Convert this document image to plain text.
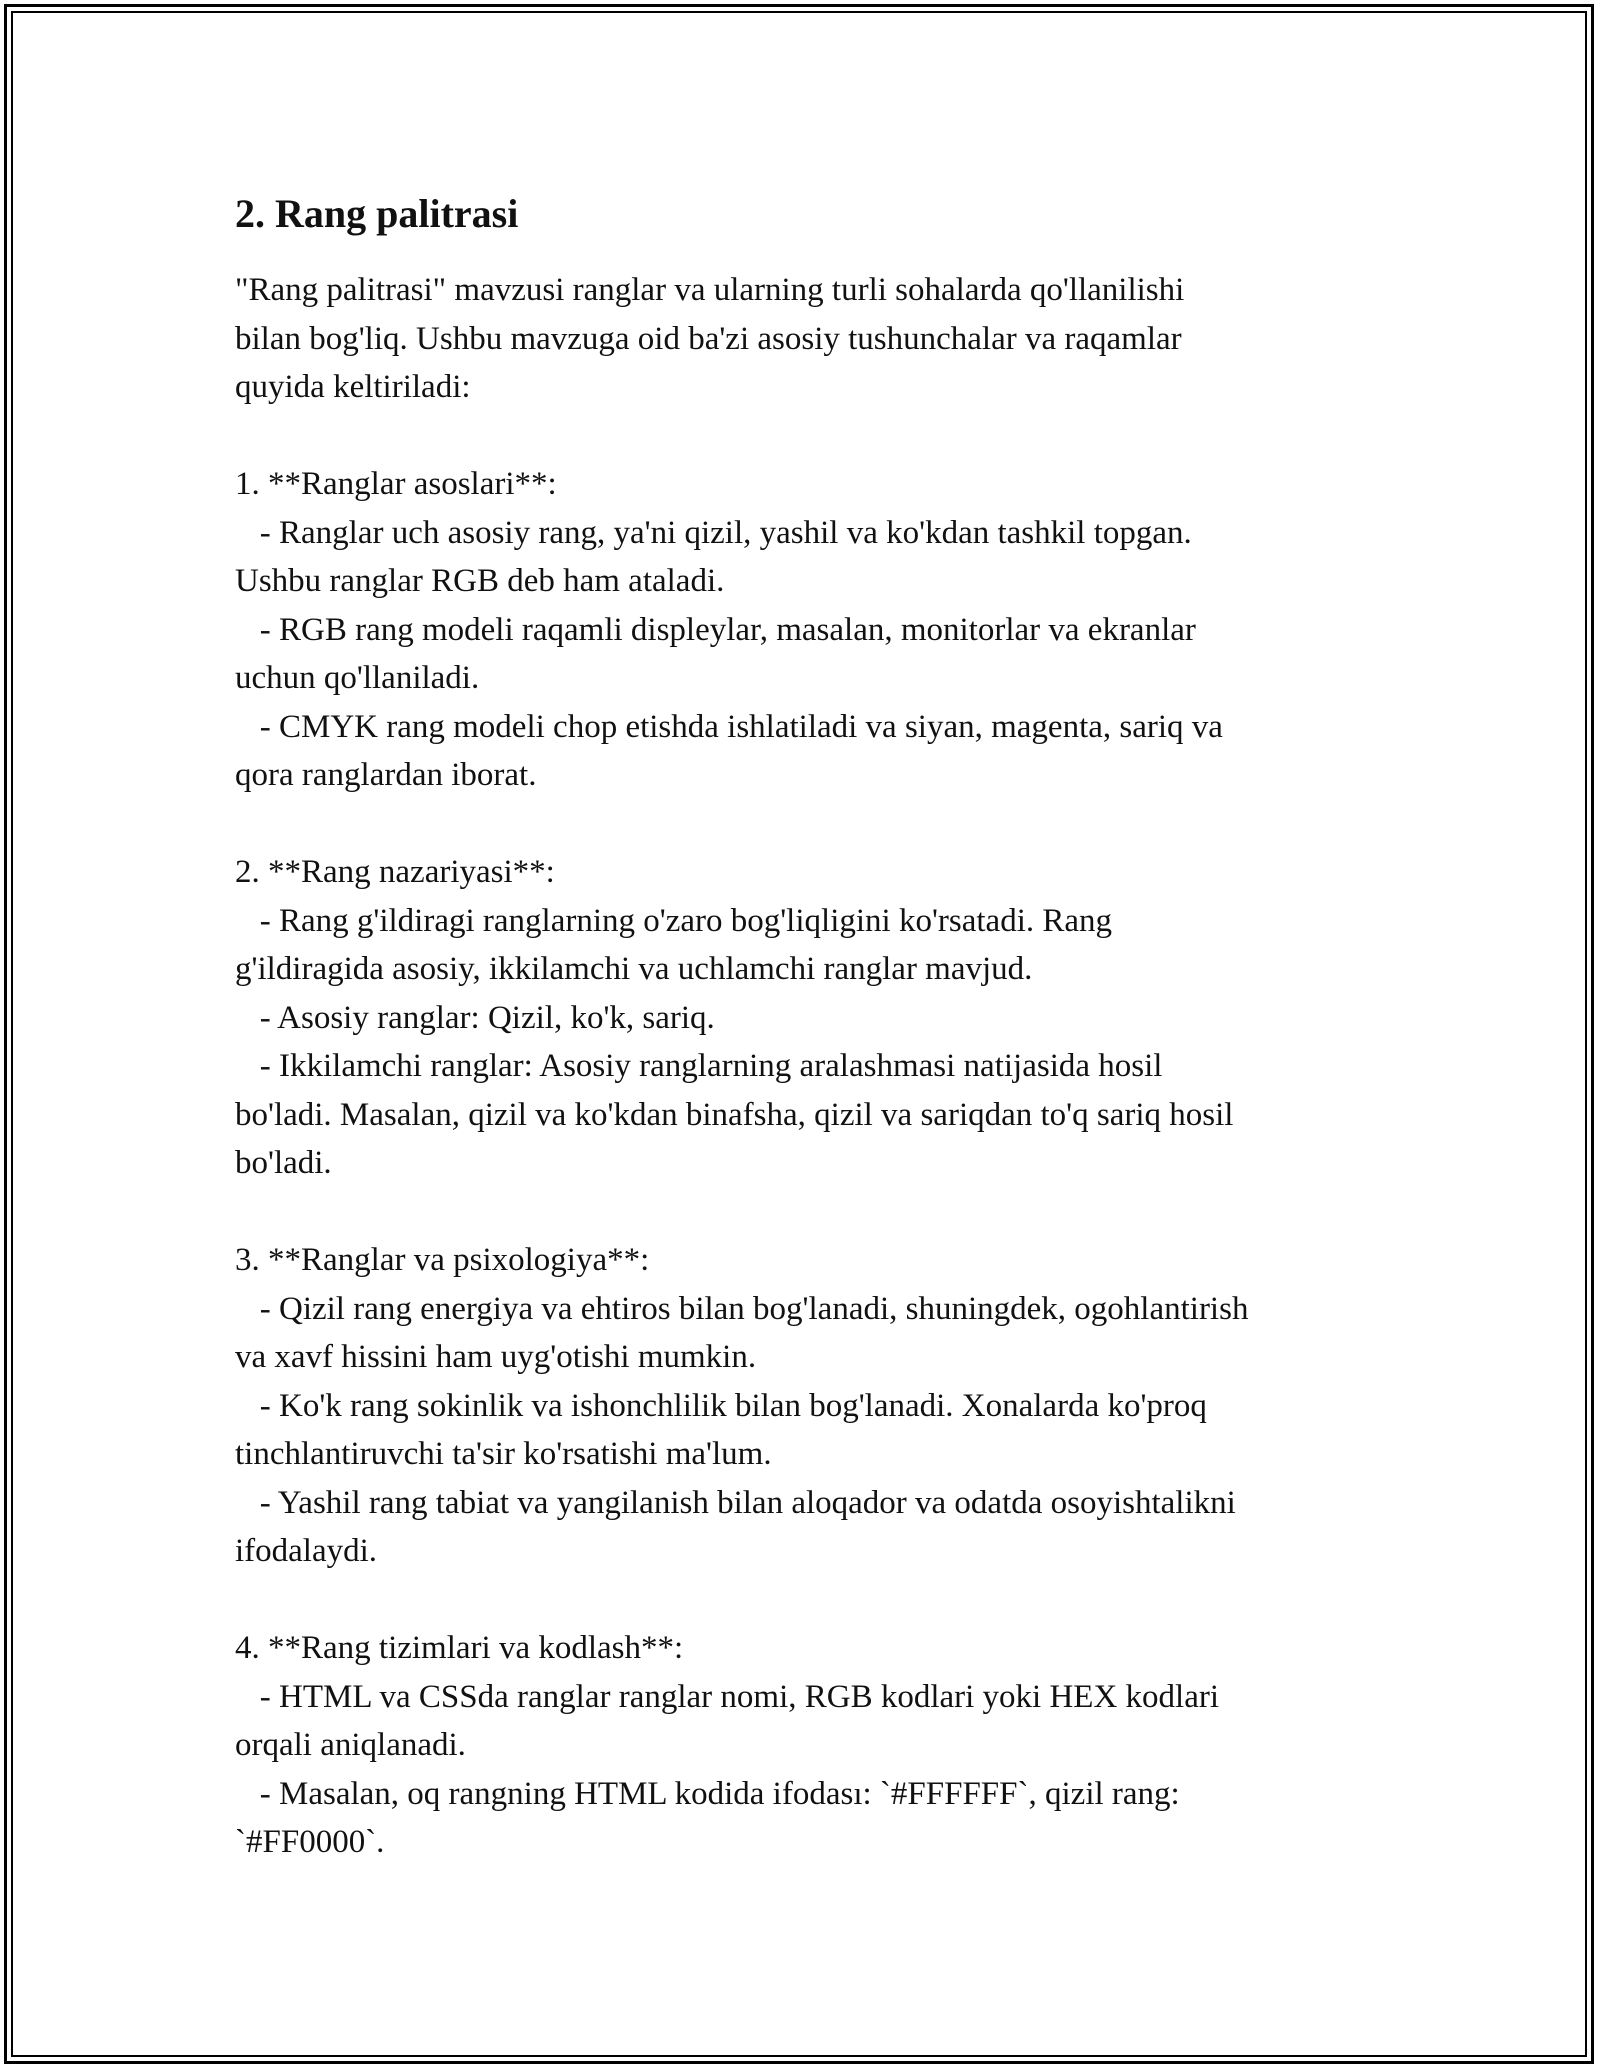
2. Rang palitrasi

"Rang palitrasi" mavzusi ranglar va ularning turli sohalarda qo'llanilishi
bilan bog'liq. Ushbu mavzuga oid ba'zi asosiy tushunchalar va raqamlar
quyida keltiriladi:

1. **Ranglar asoslari**:
- Ranglar uch asosiy rang, ya'ni qizil, yashil va ko'kdan tashkil topgan.
Ushbu ranglar RGB deb ham ataladi.
- RGB rang modeli raqamli displeylar, masalan, monitorlar va ekranlar
uchun qo'llaniladi.
- CMYK rang modeli chop etishda ishlatiladi va siyan, magenta, sariq va
qora ranglardan iborat.

2. **Rang nazariyasi**:
- Rang g'ildiragi ranglarning o'zaro bog'liqligini ko'rsatadi. Rang
g'ildiragida asosiy, ikkilamchi va uchlamchi ranglar mavjud.
- Asosiy ranglar: Qizil, ko'k, sariq.
- Ikkilamchi ranglar: Asosiy ranglarning aralashmasi natijasida hosil
bo'ladi. Masalan, qizil va ko'kdan binafsha, qizil va sariqdan to'q sariq hosil
bo'ladi.

3. **Ranglar va psixologiya**:
- Qizil rang energiya va ehtiros bilan bog'lanadi, shuningdek, ogohlantirish
va xavf hissini ham uyg'otishi mumkin.
- Ko'k rang sokinlik va ishonchlilik bilan bog'lanadi. Xonalarda ko'proq
tinchlantiruvchi ta'sir ko'rsatishi ma'lum.
- Yashil rang tabiat va yangilanish bilan aloqador va odatda osoyishtalikni
ifodalaydi.

4. **Rang tizimlari va kodlash**:
- HTML va CSSda ranglar ranglar nomi, RGB kodlari yoki HEX kodlari
orqali aniqlanadi.
- Masalan, oq rangning HTML kodida ifodası: `#FFFFFF`, qizil rang:
`#FF0000`.
